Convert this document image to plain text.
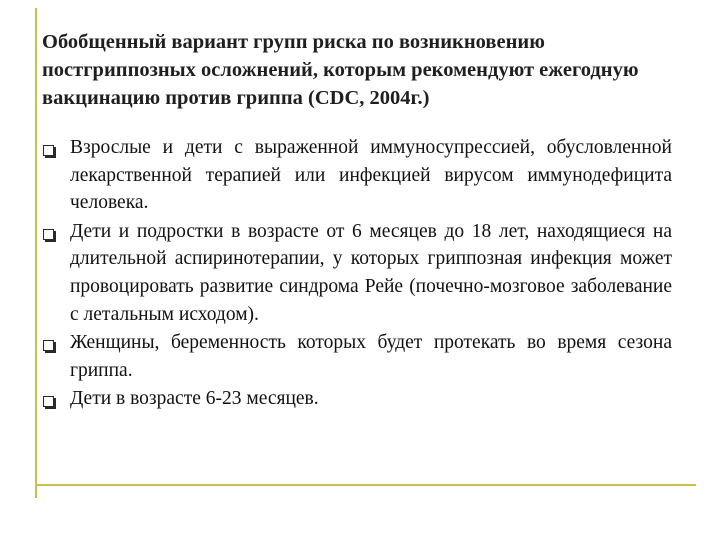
Обобщенный вариант групп риска по возникновению постгриппозных осложнений, которым рекомендуют ежегодную вакцинацию против гриппа (CDC, 2004г.)
Взрослые и дети с выраженной иммуносупрессией, обусловленной лекарственной терапией или инфекцией вирусом иммунодефицита человека.
Дети и подростки в возрасте от 6 месяцев до 18 лет, находящиеся на длительной аспиринотерапии, у которых гриппозная инфекция может провоцировать развитие синдрома Рейе (почечно-мозговое заболевание с летальным исходом).
Женщины, беременность которых будет протекать во время сезона гриппа.
Дети в возрасте 6-23 месяцев.
